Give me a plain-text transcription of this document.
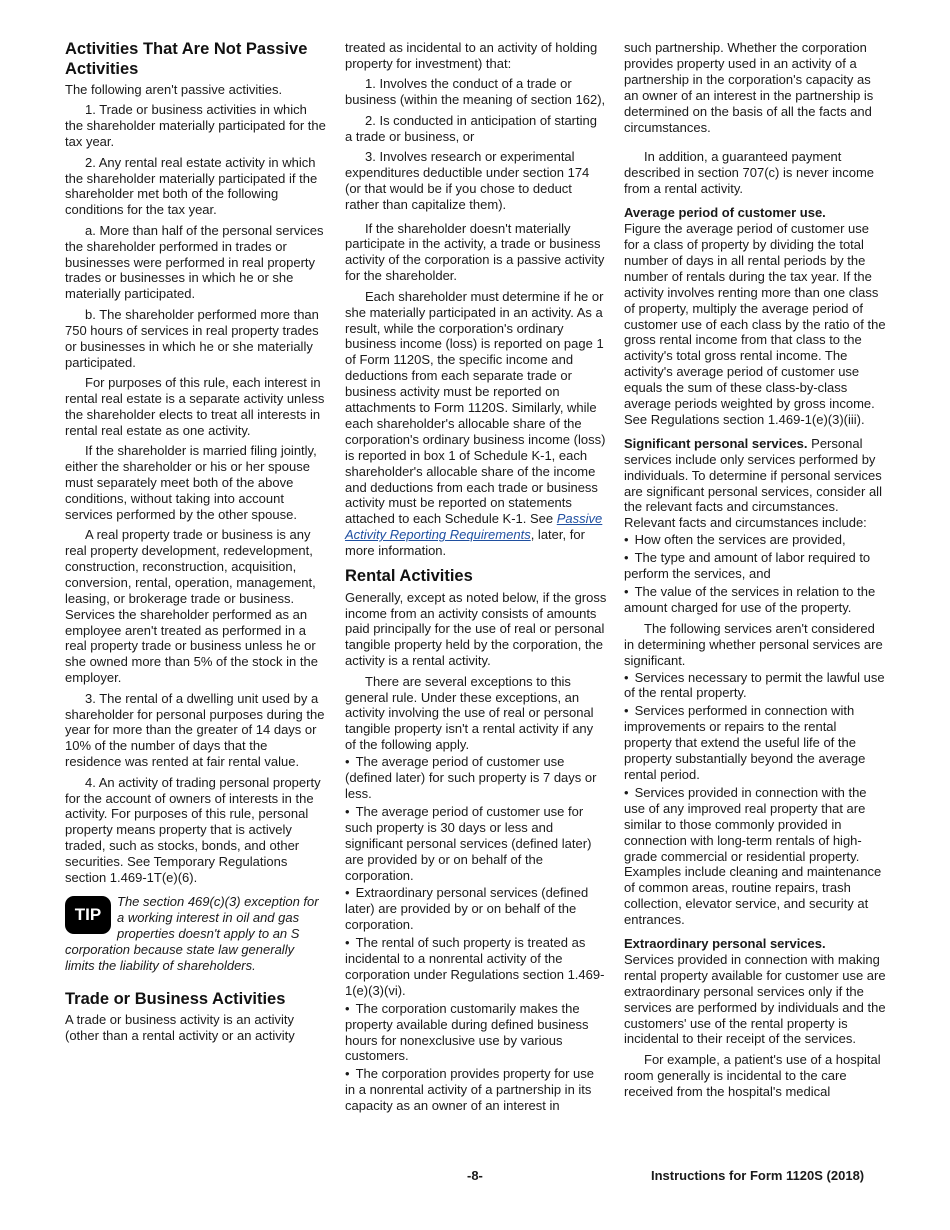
Activities That Are Not Passive Activities

The following aren't passive activities.

1. Trade or business activities in which the shareholder materially participated for the tax year.

2. Any rental real estate activity in which the shareholder materially participated if the shareholder met both of the following conditions for the tax year.

a. More than half of the personal services the shareholder performed in trades or businesses were performed in real property trades or businesses in which he or she materially participated.

b. The shareholder performed more than 750 hours of services in real property trades or businesses in which he or she materially participated.

For purposes of this rule, each interest in rental real estate is a separate activity unless the shareholder elects to treat all interests in rental real estate as one activity.

If the shareholder is married filing jointly, either the shareholder or his or her spouse must separately meet both of the above conditions, without taking into account services performed by the other spouse.

A real property trade or business is any real property development, redevelopment, construction, reconstruction, acquisition, conversion, rental, operation, management, leasing, or brokerage trade or business. Services the shareholder performed as an employee aren't treated as performed in a real property trade or business unless he or she owned more than 5% of the stock in the employer.

3. The rental of a dwelling unit used by a shareholder for personal purposes during the year for more than the greater of 14 days or 10% of the number of days that the residence was rented at fair rental value.

4. An activity of trading personal property for the account of owners of interests in the activity. For purposes of this rule, personal property means property that is actively traded, such as stocks, bonds, and other securities. See Temporary Regulations section 1.469-1T(e)(6).

TIP
The section 469(c)(3) exception for a working interest in oil and gas properties doesn't apply to an S corporation because state law generally limits the liability of shareholders.
Trade or Business Activities

A trade or business activity is an activity (other than a rental activity or an activity

treated as incidental to an activity of holding property for investment) that:

1. Involves the conduct of a trade or business (within the meaning of section 162),

2. Is conducted in anticipation of starting a trade or business, or

3. Involves research or experimental expenditures deductible under section 174 (or that would be if you chose to deduct rather than capitalize them).

If the shareholder doesn't materially participate in the activity, a trade or business activity of the corporation is a passive activity for the shareholder.

Each shareholder must determine if he or she materially participated in an activity. As a result, while the corporation's ordinary business income (loss) is reported on page 1 of Form 1120S, the specific income and deductions from each separate trade or business activity must be reported on attachments to Form 1120S. Similarly, while each shareholder's allocable share of the corporation's ordinary business income (loss) is reported in box 1 of Schedule K-1, each shareholder's allocable share of the income and deductions from each trade or business activity must be reported on statements attached to each Schedule K-1. See Passive Activity Reporting Requirements, later, for more information.

Rental Activities

Generally, except as noted below, if the gross income from an activity consists of amounts paid principally for the use of real or personal tangible property held by the corporation, the activity is a rental activity.

There are several exceptions to this general rule. Under these exceptions, an activity involving the use of real or personal tangible property isn't a rental activity if any of the following apply.

• The average period of customer use (defined later) for such property is 7 days or less.
• The average period of customer use for such property is 30 days or less and significant personal services (defined later) are provided by or on behalf of the corporation.
• Extraordinary personal services (defined later) are provided by or on behalf of the corporation.
• The rental of such property is treated as incidental to a nonrental activity of the corporation under Regulations section 1.469-1(e)(3)(vi).
• The corporation customarily makes the property available during defined business hours for nonexclusive use by various customers.
• The corporation provides property for use in a nonrental activity of a partnership in its capacity as an owner of an interest in

such partnership. Whether the corporation provides property used in an activity of a partnership in the corporation's capacity as an owner of an interest in the partnership is determined on the basis of all the facts and circumstances.

In addition, a guaranteed payment described in section 707(c) is never income from a rental activity.

Average period of customer use.
Figure the average period of customer use for a class of property by dividing the total number of days in all rental periods by the number of rentals during the tax year. If the activity involves renting more than one class of property, multiply the average period of customer use of each class by the ratio of the gross rental income from that class to the activity's total gross rental income. The activity's average period of customer use equals the sum of these class-by-class average periods weighted by gross income. See Regulations section 1.469-1(e)(3)(iii).

Significant personal services. Personal services include only services performed by individuals. To determine if personal services are significant personal services, consider all the relevant facts and circumstances. Relevant facts and circumstances include:

• How often the services are provided,
• The type and amount of labor required to perform the services, and
• The value of the services in relation to the amount charged for use of the property.

The following services aren't considered in determining whether personal services are significant.

• Services necessary to permit the lawful use of the rental property.
• Services performed in connection with improvements or repairs to the rental property that extend the useful life of the property substantially beyond the average rental period.
• Services provided in connection with the use of any improved real property that are similar to those commonly provided in connection with long-term rentals of high-grade commercial or residential property. Examples include cleaning and maintenance of common areas, routine repairs, trash collection, elevator service, and security at entrances.

Extraordinary personal services.
Services provided in connection with making rental property available for customer use are extraordinary personal services only if the services are performed by individuals and the customers' use of the rental property is incidental to their receipt of the services.

For example, a patient's use of a hospital room generally is incidental to the care received from the hospital's medical

-8-	Instructions for Form 1120S (2018)
